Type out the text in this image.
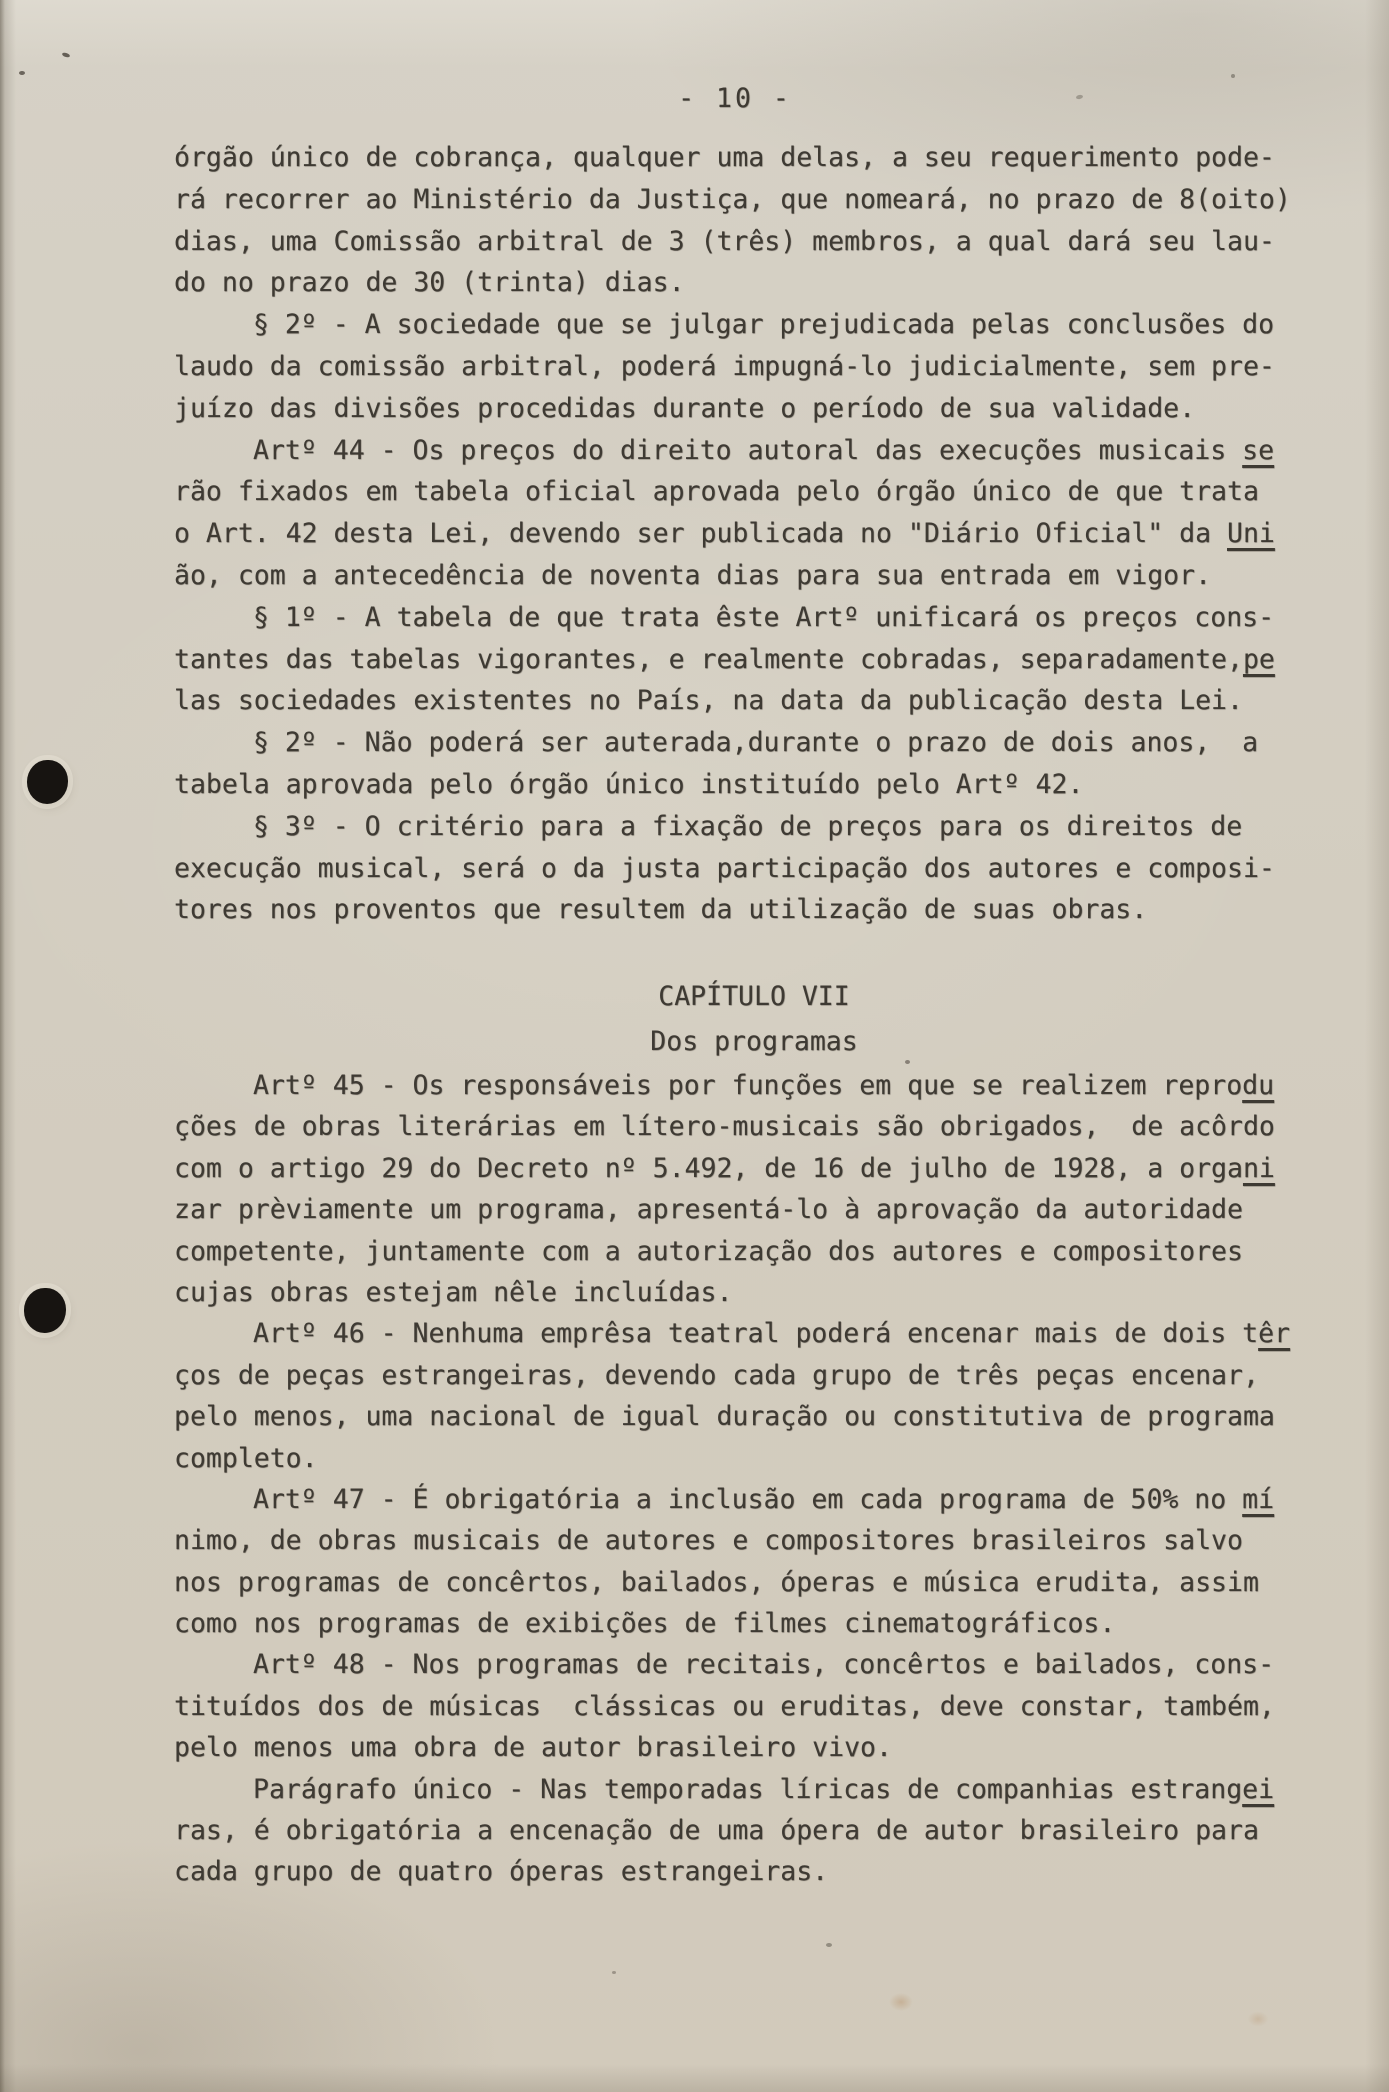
- 10 -
órgão único de cobrança, qualquer uma delas, a seu requerimento pode-
rá recorrer ao Ministério da Justiça, que nomeará, no prazo de 8(oito)
dias, uma Comissão arbitral de 3 (três) membros, a qual dará seu lau-
do no prazo de 30 (trinta) dias.
§ 2º - A sociedade que se julgar prejudicada pelas conclusões do
laudo da comissão arbitral, poderá impugná-lo judicialmente, sem pre-
juízo das divisões procedidas durante o período de sua validade.
Artº 44 - Os preços do direito autoral das execuções musicais se
rão fixados em tabela oficial aprovada pelo órgão único de que trata
o Art. 42 desta Lei, devendo ser publicada no "Diário Oficial" da Uni
ão, com a antecedência de noventa dias para sua entrada em vigor.
§ 1º - A tabela de que trata êste Artº unificará os preços cons-
tantes das tabelas vigorantes, e realmente cobradas, separadamente,pe
las sociedades existentes no País, na data da publicação desta Lei.
§ 2º - Não poderá ser auterada,durante o prazo de dois anos,  a
tabela aprovada pelo órgão único instituído pelo Artº 42.
§ 3º - O critério para a fixação de preços para os direitos de
execução musical, será o da justa participação dos autores e composi-
tores nos proventos que resultem da utilização de suas obras.
CAPÍTULO VII
Dos programas
Artº 45 - Os responsáveis por funções em que se realizem reprodu
ções de obras literárias em lítero-musicais são obrigados,  de acôrdo
com o artigo 29 do Decreto nº 5.492, de 16 de julho de 1928, a organi
zar prèviamente um programa, apresentá-lo à aprovação da autoridade
competente, juntamente com a autorização dos autores e compositores
cujas obras estejam nêle incluídas.
Artº 46 - Nenhuma emprêsa teatral poderá encenar mais de dois têr
ços de peças estrangeiras, devendo cada grupo de três peças encenar,
pelo menos, uma nacional de igual duração ou constitutiva de programa
completo.
Artº 47 - É obrigatória a inclusão em cada programa de 50% no mí
nimo, de obras musicais de autores e compositores brasileiros salvo
nos programas de concêrtos, bailados, óperas e música erudita, assim
como nos programas de exibições de filmes cinematográficos.
Artº 48 - Nos programas de recitais, concêrtos e bailados, cons-
tituídos dos de músicas  clássicas ou eruditas, deve constar, também,
pelo menos uma obra de autor brasileiro vivo.
Parágrafo único - Nas temporadas líricas de companhias estrangei
ras, é obrigatória a encenação de uma ópera de autor brasileiro para
cada grupo de quatro óperas estrangeiras.
